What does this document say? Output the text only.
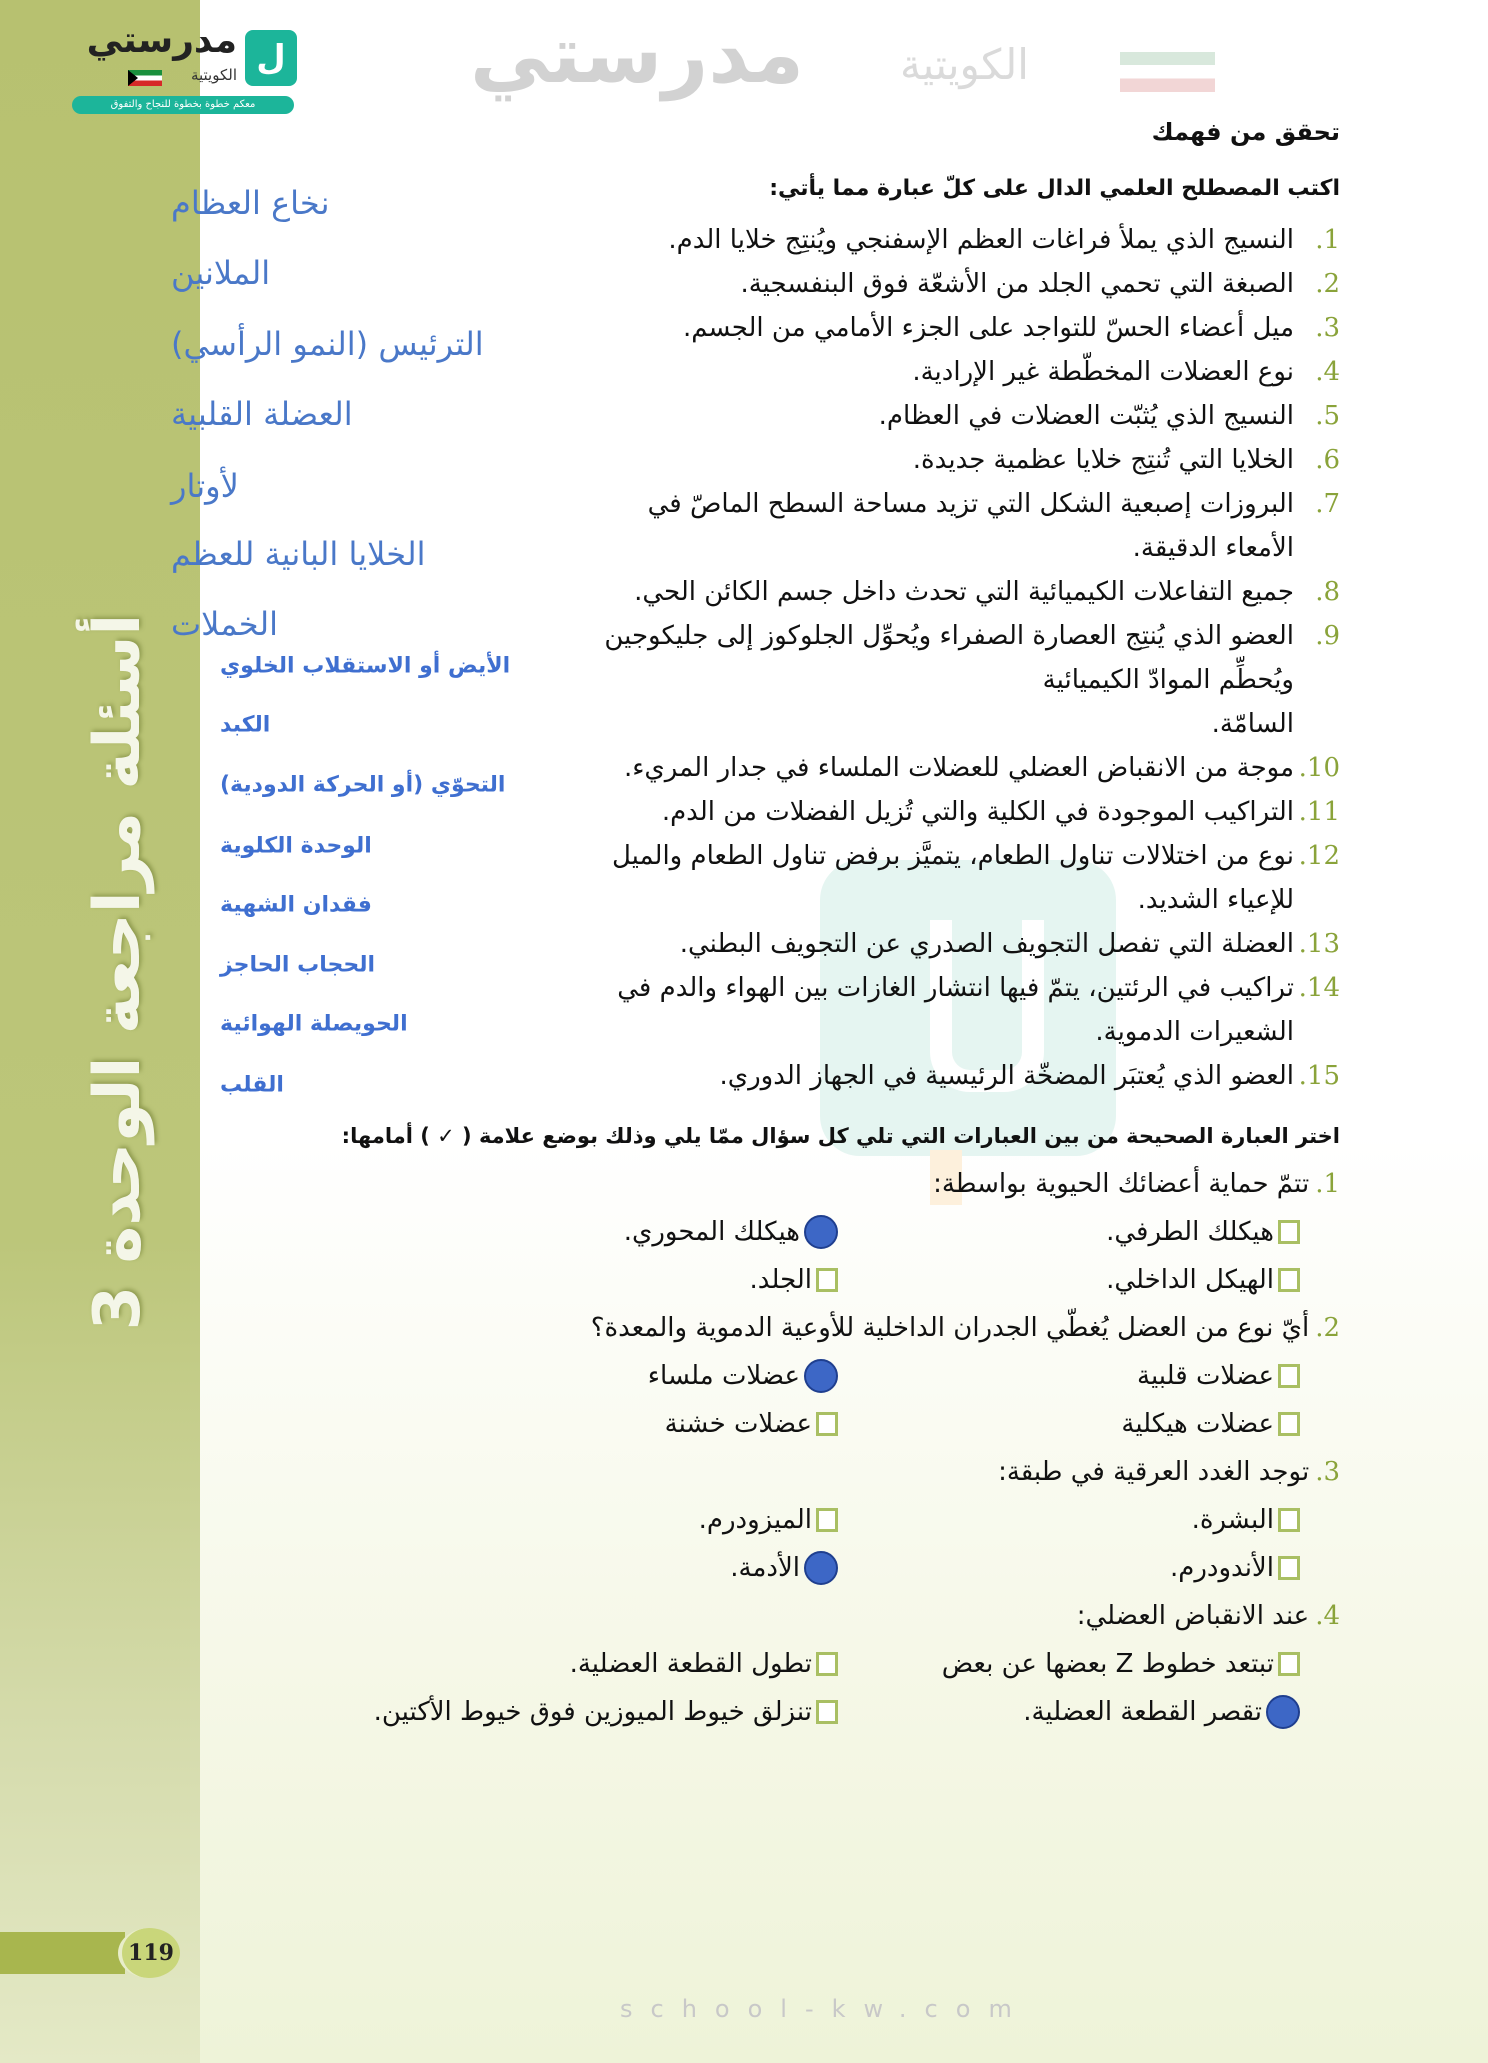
أسئلة مراجعة الوحدة 3
119
ل
مدرستي
الكويتية
معكم خطوة بخطوة للنجاح والتفوق
مدرستي الكويتية
school-kw.com
تحقق من فهمك
اكتب المصطلح العلمي الدال على كلّ عبارة مما يأتي:
نخاع العظام
الملانين
الترئيس (النمو الرأسي)
العضلة القلبية
لأوتار
الخلايا البانية للعظم
الخملات
الأيض أو الاستقلاب الخلوي
الكبد
التحوّي (أو الحركة الدودية)
الوحدة الكلوية
فقدان الشهية
الحجاب الحاجز
الحويصلة الهوائية
القلب
1.
النسيج الذي يملأ فراغات العظم الإسفنجي ويُنتِج خلايا الدم.
2.
الصبغة التي تحمي الجلد من الأشعّة فوق البنفسجية.
3.
ميل أعضاء الحسّ للتواجد على الجزء الأمامي من الجسم.
4.
نوع العضلات المخطّطة غير الإرادية.
5.
النسيج الذي يُثبّت العضلات في العظام.
6.
الخلايا التي تُنتِج خلايا عظمية جديدة.
7.
البروزات إصبعية الشكل التي تزيد مساحة السطح الماصّ في الأمعاء الدقيقة.
8.
جميع التفاعلات الكيميائية التي تحدث داخل جسم الكائن الحي.
9.
العضو الذي يُنتِج العصارة الصفراء ويُحوِّل الجلوكوز إلى جليكوجين ويُحطِّم الموادّ الكيميائية
السامّة.
10.
موجة من الانقباض العضلي للعضلات الملساء في جدار المريء.
11.
التراكيب الموجودة في الكلية والتي تُزيل الفضلات من الدم.
12.
نوع من اختلالات تناول الطعام، يتميَّز برفض تناول الطعام والميل للإعياء الشديد.
13.
العضلة التي تفصل التجويف الصدري عن التجويف البطني.
14.
تراكيب في الرئتين، يتمّ فيها انتشار الغازات بين الهواء والدم في الشعيرات الدموية.
15.
العضو الذي يُعتبَر المضخّة الرئيسية في الجهاز الدوري.
اختر العبارة الصحيحة من بين العبارات التي تلي كل سؤال ممّا يلي وذلك بوضع علامة ( ✓ ) أمامها:
1.تتمّ حماية أعضائك الحيوية بواسطة:
هيكلك الطرفي.
هيكلك المحوري.
الهيكل الداخلي.
الجلد.
2.أيّ نوع من العضل يُغطّي الجدران الداخلية للأوعية الدموية والمعدة؟
عضلات قلبية
عضلات ملساء
عضلات هيكلية
عضلات خشنة
3.توجد الغدد العرقية في طبقة:
البشرة.
الميزودرم.
الأندودرم.
الأدمة.
4.عند الانقباض العضلي:
تبتعد خطوط Z بعضها عن بعض
تطول القطعة العضلية.
تقصر القطعة العضلية.
تنزلق خيوط الميوزين فوق خيوط الأكتين.
